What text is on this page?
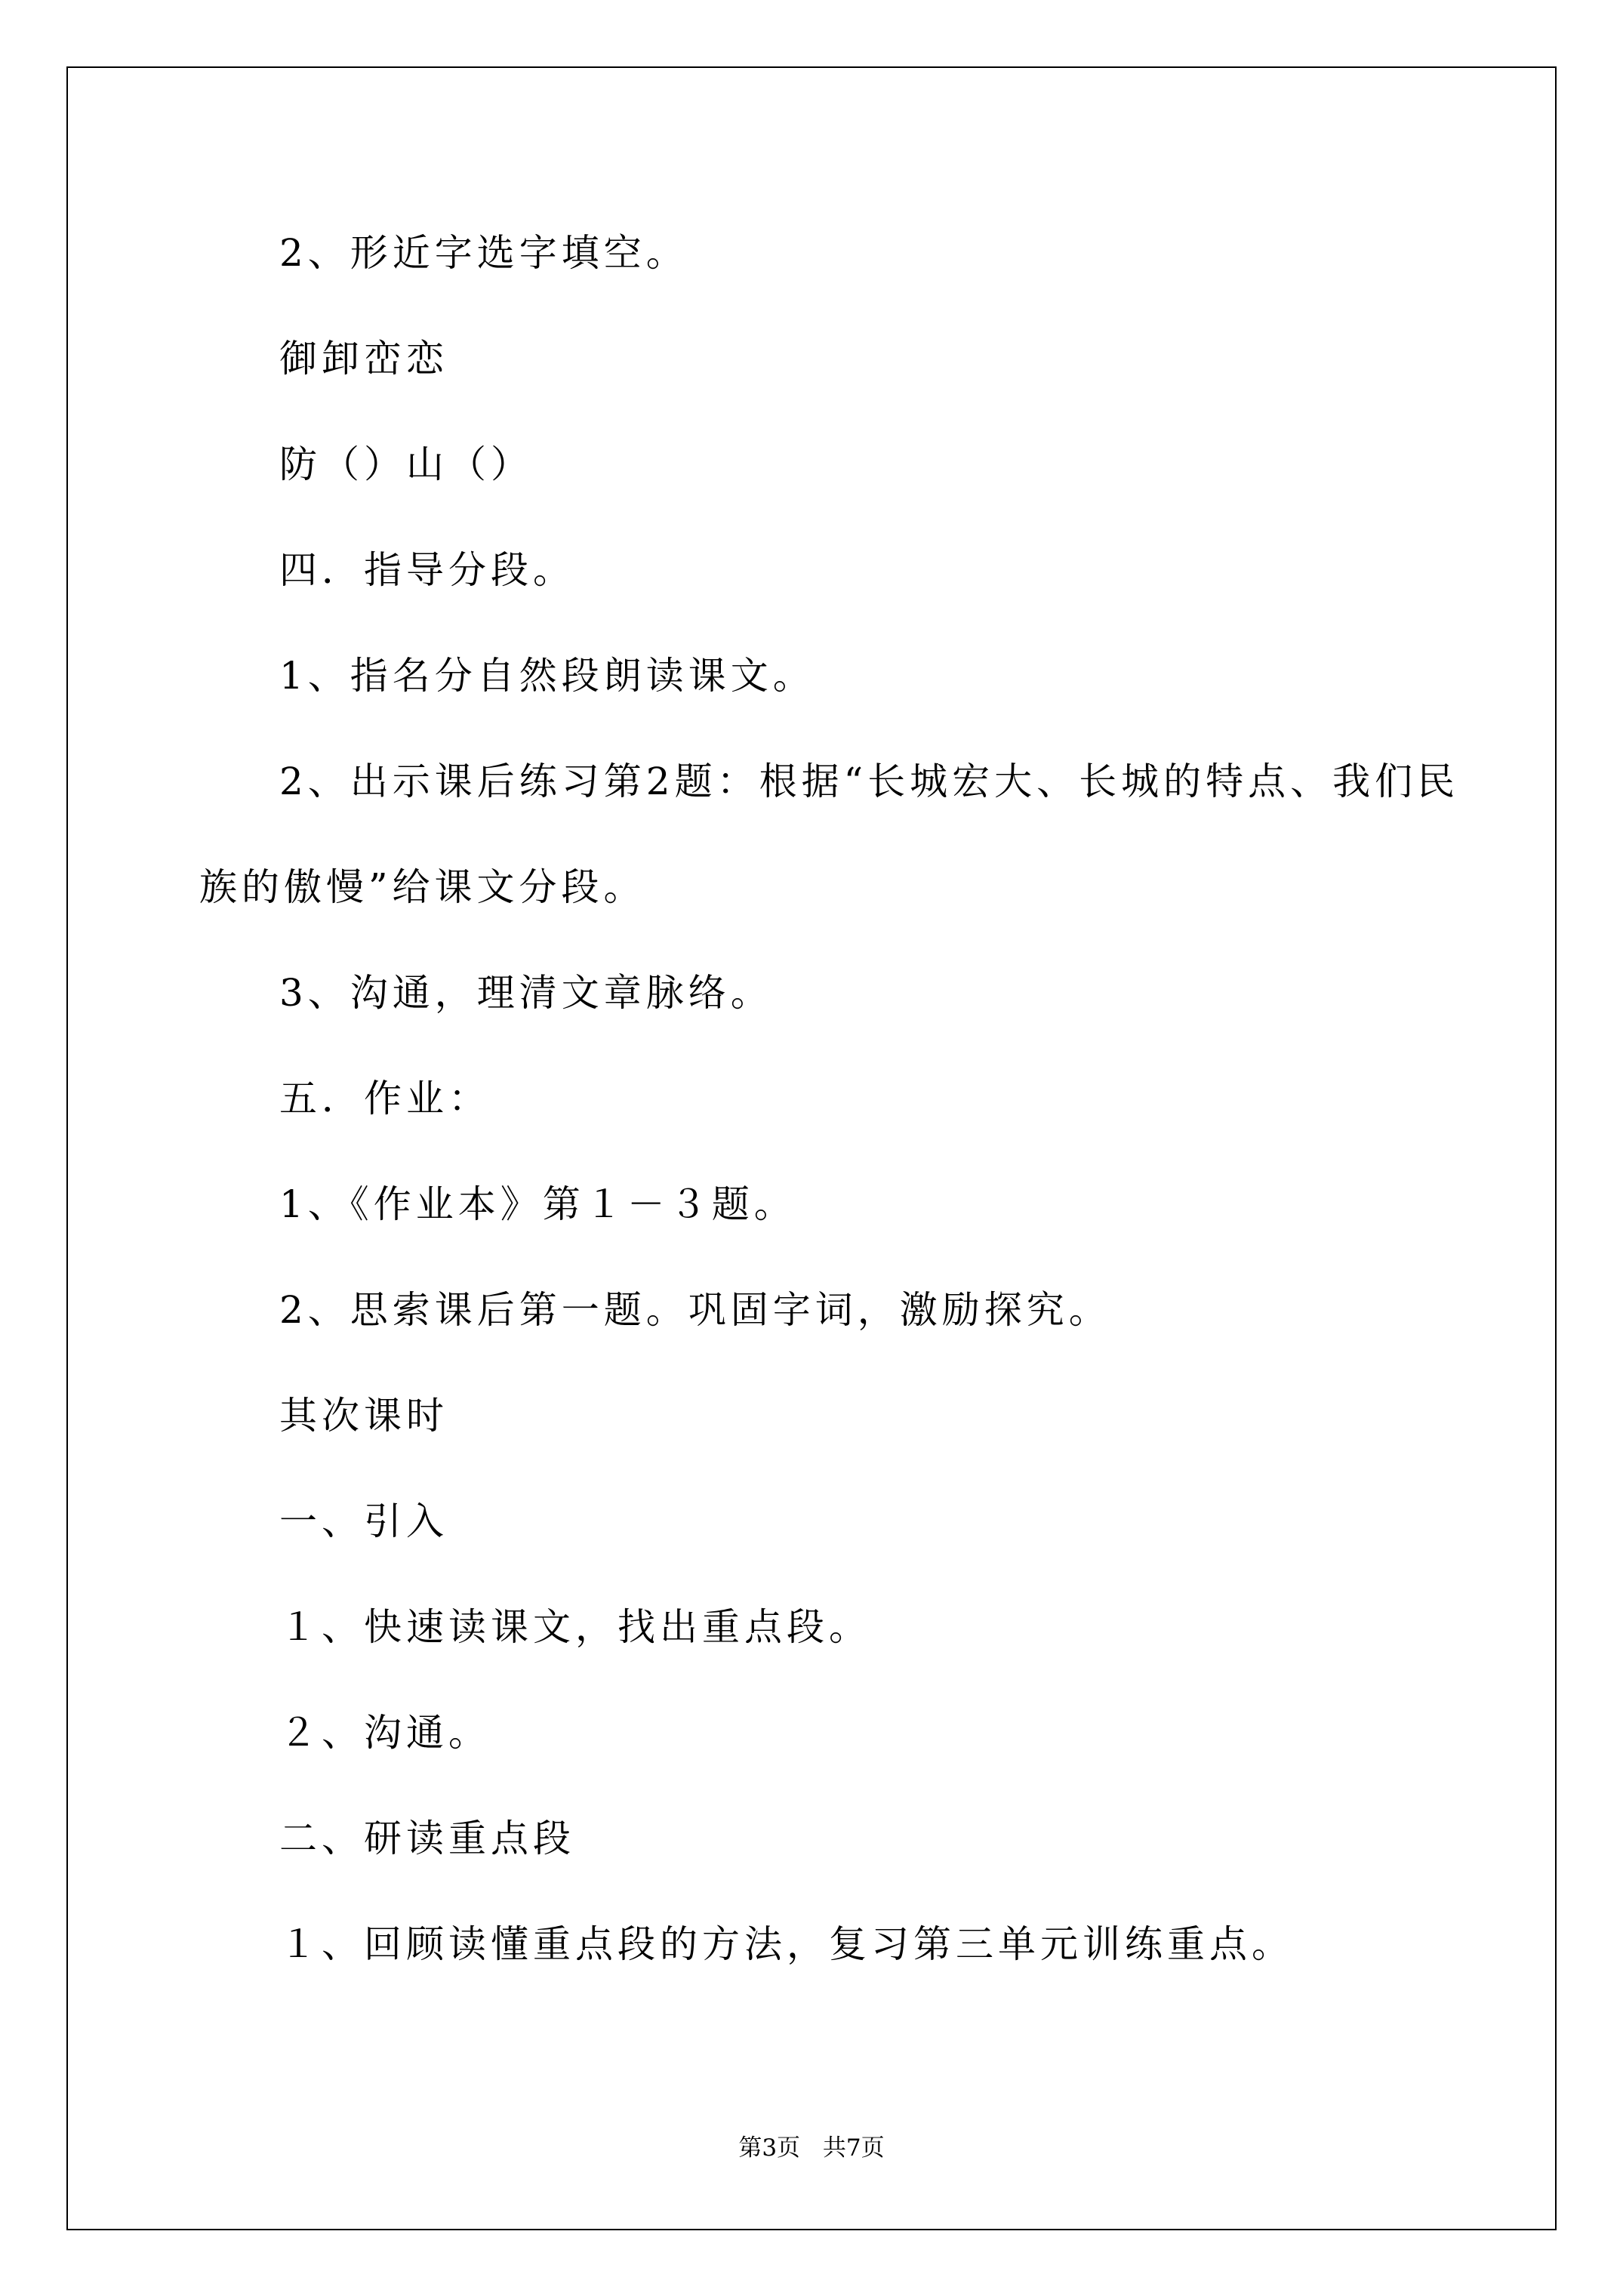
2、形近字选字填空。
御卸峦恋
防（）山（）
四．指导分段。
1、指名分自然段朗读课文。
2、出示课后练习第2题：根据“长城宏大、长城的特点、我们民
族的傲慢”给课文分段。
3、沟通，理清文章脉络。
五．作业：
1、《作业本》第１－３题。
2、思索课后第一题。巩固字词，激励探究。
其次课时
一、引入
１、快速读课文，找出重点段。
２、沟通。
二、研读重点段
１、回顾读懂重点段的方法，复习第三单元训练重点。
第3页 共7页
